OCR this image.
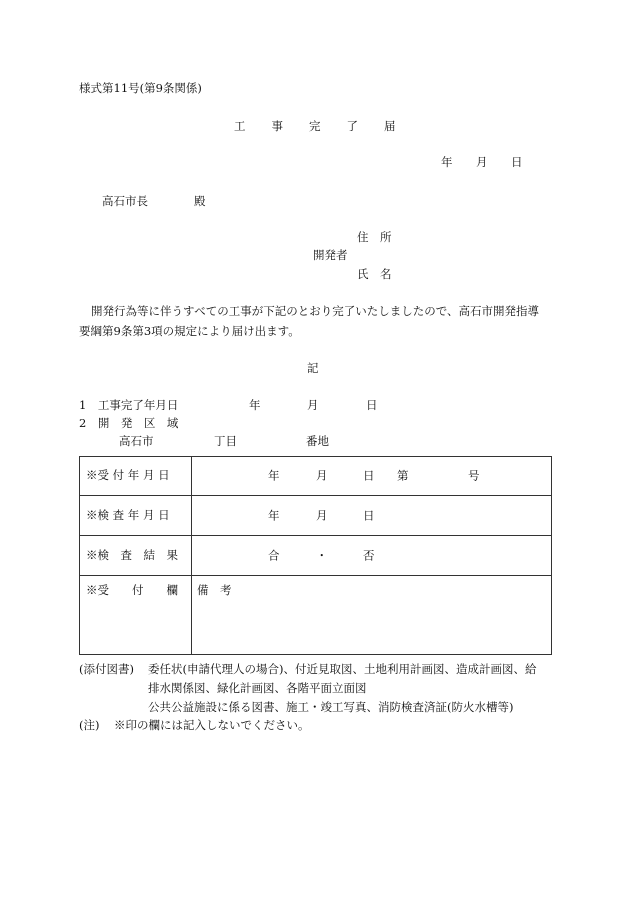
様式第11号(第9条関係)
工　　事　　完　　了　　届
年 月 日
高石市長	殿
住　所
開発者
氏　名
開発行為等に伴うすべての工事が下記のとおり完了いたしましたので、高石市開発指導
要綱第9条第3項の規定により届け出ます。
記
1　工事完了年月日	年	月	日
2　開　発　区　域
高石市	丁目	番地
※受 付 年 月 日	年 月 日 第 号

※検 査 年 月 日	年 月 日

※検　査　結　果	合 ・ 否

※受　　付　　欄	備　考
(添付図書) 委任状(申請代理人の場合)、付近見取図、土地利用計画図、造成計画図、給
排水関係図、緑化計画図、各階平面立面図
公共公益施設に係る図書、施工・竣工写真、消防検査済証(防火水槽等)
(注) ※印の欄には記入しないでください。
